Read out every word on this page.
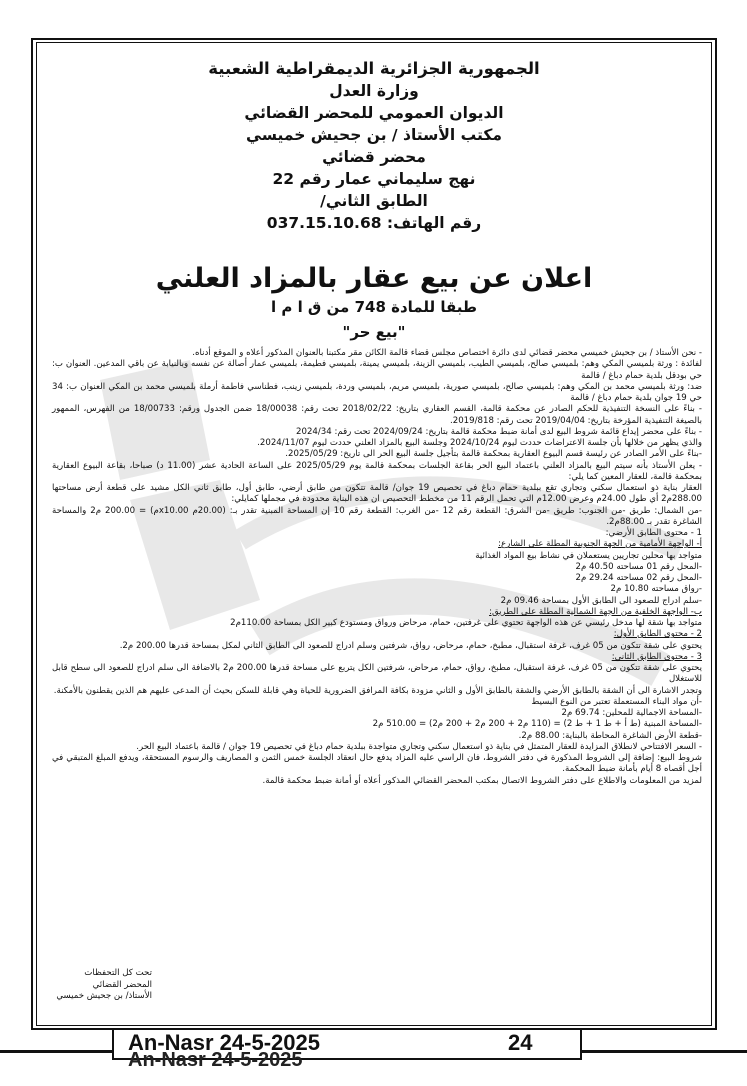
الجمهورية الجزائرية الديمقراطية الشعبية
وزارة العدل
الديوان العمومي للمحضر القضائي
مكتب الأستاذ / بن جحيش خميسي
محضر قضائي
نهج سليماني عمار رقم 22
الطابق الثاني/
رقم الهاتف: 037.15.10.68
اعلان عن بيع عقار بالمزاد العلني
طبقا للمادة 748 من ق ا م ا
"بيع حر"

- نحن الأستاذ / بن جحيش خميسي محضر قضائي لدى دائرة اختصاص مجلس قضاء قالمة الكائن مقر مكتبنا بالعنوان المذكور أعلاه و الموقع أدناه.

لفائدة : ورثة بلميسي المكي وهم: بلميسي صالح، بلميسي الطيب، بلميسي الزينة، بلميسي يمينة، بلميسي فطيمة، بلميسي عمار أصالة عن نفسه وبالنيابة عن باقي المدعين. العنوان ب: حي بودقل بلدية حمام دباغ / قالمة

ضد: ورثة بلميسي محمد بن المكي وهم: بلميسي صالح، بلميسي صورية، بلميسي مريم، بلميسي وردة، بلميسي زينب، فطناسي فاطمة أرملة بلميسي محمد بن المكي العنوان ب: 34 حي 19 جوان بلدية حمام دباغ / قالمة

- بناءً على النسخة التنفيذية للحكم الصادر عن محكمة قالمة، القسم العقاري بتاريخ: 2018/02/22 تحت رقم: 18/00038 ضمن الجدول ورقم: 18/00733 من الفهرس، الممهور بالصيغة التنفيذية المؤرخة بتاريخ: 2019/04/04 تحت رقم: 2019/818.

- بناءً على محضر إيداع قائمة شروط البيع لدى أمانة ضبط محكمة قالمة بتاريخ: 2024/09/24 تحت رقم: 2024/34

والذي يظهر من خلالها بأن جلسة الاعتراضات حددت ليوم 2024/10/24 وجلسة البيع بالمزاد العلني حددت ليوم 2024/11/07.

-بناءً على الأمر الصادر عن رئيسة قسم البيوع العقارية بمحكمة قالمة بتأجيل جلسة البيع الحر الى تاريخ: 2025/05/29.

- يعلن الأستاذ بأنه سيتم البيع بالمزاد العلني باعتماد البيع الحر بقاعة الجلسات بمحكمة قالمة يوم 2025/05/29 على الساعة الحادية عشر (11.00 د) صباحا، بقاعة البيوع العقارية بمحكمة قالمة، للعقار المعين كما يلي:

العقار بناية ذو استعمال سكني وتجاري تقع ببلدية حمام دباغ في تحصيص 19 جوان/ قالمة تتكون من طابق أرضي، طابق أول، طابق ثاني الكل مشيد على قطعة أرض مساحتها 288.00م2 أي طول 24.00م وعرض 12.00م التي تحمل الرقم 11 من مخطط التحصيص ان هذه البناية محدودة في مجملها كمايلي:

-من الشمال: طريق -من الجنوب: طريق -من الشرق: القطعة رقم 12 -من الغرب: القطعة رقم 10 إن المساحة المبنية تقدر بـ: (20.00م x10.00م) = 200.00 م2 والمساحة الشاغرة تقدر بـ 88.00م2.

1 - محتوى الطابق الأرضي:

أ- الواجهة الأمامية من الجهة الجنوبية المطلة على الشارع:

متواجد بها محلين تجاريين يستعملان في نشاط بيع المواد الغذائية

-المحل رقم 01 مساحته 40.50 م2

-المحل رقم 02 مساحته 29.24 م2

-رواق مساحته 10.80 م2

-سلم ادراج للصعود الى الطابق الأول بمساحة 09.46 م2

ب- الواجهة الخلفية من الجهة الشمالية المطلة على الطريق:

متواجد بها شقة لها مدخل رئيسي عن هذه الواجهة تحتوي على غرفتين، حمام، مرحاض ورواق ومستودع كبير الكل بمساحة 110.00م2

2 - محتوى الطابق الأول:

يحتوي على شقة تتكون من 05 غرف، غرفة استقبال، مطبخ، حمام، مرحاض، رواق، شرفتين وسلم ادراج للصعود الى الطابق الثاني لمكل بمساحة قدرها 200.00 م2.

3 - محتوى الطابق الثاني:

يحتوي على شقة تتكون من 05 غرف، غرفة استقبال، مطبخ، رواق، حمام، مرحاض، شرفتين الكل يتربع على مساحة قدرها 200.00 م2 بالاضافة الى سلم ادراج للصعود الى سطح قابل للاستغلال

وتجدر الاشارة الى أن الشقة بالطابق الأرضي والشقة بالطابق الأول و الثاني مزودة بكافة المرافق الضرورية للحياة وهي قابلة للسكن بحيث أن المدعى عليهم هم الذين يقطنون بالأمكنة.

-أن مواد البناء المستعملة تعتبر من النوع البسيط

-المساحة الاجمالية للمحلين: 69.74 م2

-المساحة المبنية (ط أ + ط 1 + ط 2) = (110 م2 + 200 م2 + 200 م2) = 510.00 م2

-قطعة الأرض الشاغرة المحاطة بالبناية: 88.00 م2.

- السعر الافتتاحي لانطلاق المزايدة للعقار المتمثل في بناية ذو استعمال سكني وتجاري متواجدة ببلدية حمام دباغ في تحصيص 19 جوان / قالمة باعتماد البيع الحر.

شروط البيع: إضافة إلى الشروط المذكورة في دفتر الشروط، فان الراسي عليه المزاد يدفع حال انعقاد الجلسة خمس الثمن و المصاريف والرسوم المستحقة، ويدفع المبلغ المتبقي في أجل أقصاه 8 أيام بأمانة ضبط المحكمة.

لمزيد من المعلومات والاطلاع على دفتر الشروط الاتصال بمكتب المحضر القضائي المذكور أعلاه أو أمانة ضبط محكمة قالمة.

تحت كل التحفظات
المحضر القضائي
الأستاذ/ بن جحيش خميسي
An-Nasr 24-5-2025
An-Nasr 24-5-2025
24
